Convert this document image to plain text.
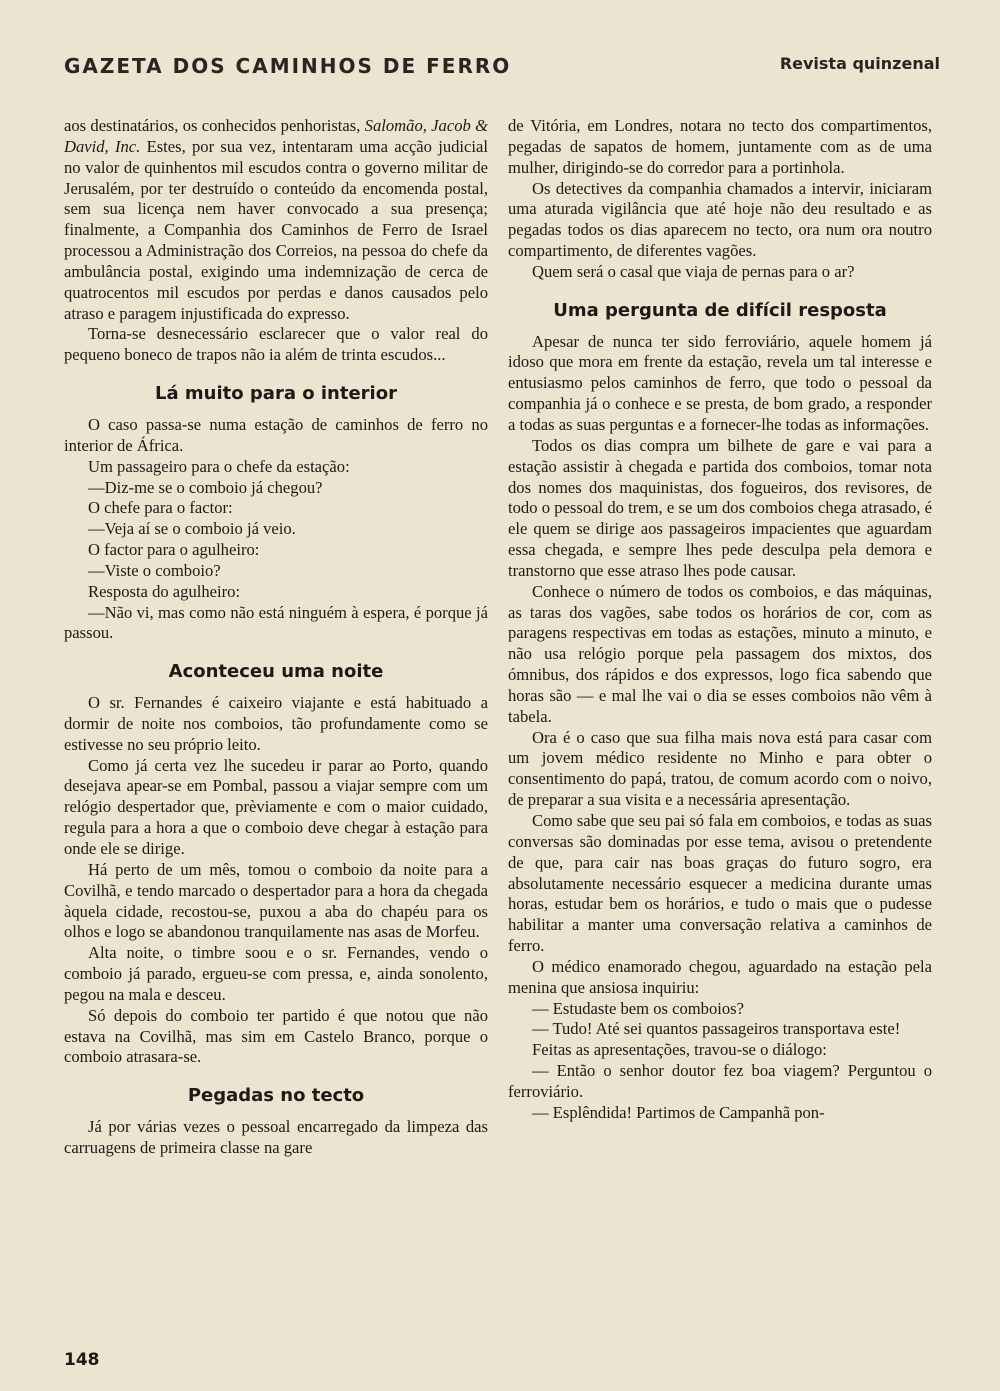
GAZETA DOS CAMINHOS DE FERRO	Revista quinzenal

aos destinatários, os conhecidos penhoristas, Salomão, Jacob & David, Inc. Estes, por sua vez, intentaram uma acção judicial no valor de quinhentos mil escudos contra o governo militar de Jerusalém, por ter destruído o conteúdo da encomenda postal, sem sua licença nem haver convocado a sua presença; finalmente, a Companhia dos Caminhos de Ferro de Israel processou a Administração dos Correios, na pessoa do chefe da ambulância postal, exigindo uma indemnização de cerca de quatrocentos mil escudos por perdas e danos causados pelo atraso e paragem injustificada do expresso.

Torna-se desnecessário esclarecer que o valor real do pequeno boneco de trapos não ia além de trinta escudos...

Lá muito para o interior

O caso passa-se numa estação de caminhos de ferro no interior de África.

Um passageiro para o chefe da estação:

—Diz-me se o comboio já chegou?

O chefe para o factor:

—Veja aí se o comboio já veio.

O factor para o agulheiro:

—Viste o comboio?

Resposta do agulheiro:

—Não vi, mas como não está ninguém à espera, é porque já passou.

Aconteceu uma noite

O sr. Fernandes é caixeiro viajante e está habituado a dormir de noite nos comboios, tão profundamente como se estivesse no seu próprio leito.

Como já certa vez lhe sucedeu ir parar ao Porto, quando desejava apear-se em Pombal, passou a viajar sempre com um relógio despertador que, prèviamente e com o maior cuidado, regula para a hora a que o comboio deve chegar à estação para onde ele se dirige.

Há perto de um mês, tomou o comboio da noite para a Covilhã, e tendo marcado o despertador para a hora da chegada àquela cidade, recostou-se, puxou a aba do chapéu para os olhos e logo se abandonou tranquilamente nas asas de Morfeu.

Alta noite, o timbre soou e o sr. Fernandes, vendo o comboio já parado, ergueu-se com pressa, e, ainda sonolento, pegou na mala e desceu.

Só depois do comboio ter partido é que notou que não estava na Covilhã, mas sim em Castelo Branco, porque o comboio atrasara-se.

Pegadas no tecto

Já por várias vezes o pessoal encarregado da limpeza das carruagens de primeira classe na gare

de Vitória, em Londres, notara no tecto dos compartimentos, pegadas de sapatos de homem, juntamente com as de uma mulher, dirigindo-se do corredor para a portinhola.

Os detectives da companhia chamados a intervir, iniciaram uma aturada vigilância que até hoje não deu resultado e as pegadas todos os dias aparecem no tecto, ora num ora noutro compartimento, de diferentes vagões.

Quem será o casal que viaja de pernas para o ar?

Uma pergunta de difícil resposta

Apesar de nunca ter sido ferroviário, aquele homem já idoso que mora em frente da estação, revela um tal interesse e entusiasmo pelos caminhos de ferro, que todo o pessoal da companhia já o conhece e se presta, de bom grado, a responder a todas as suas perguntas e a fornecer-lhe todas as informações.

Todos os dias compra um bilhete de gare e vai para a estação assistir à chegada e partida dos comboios, tomar nota dos nomes dos maquinistas, dos fogueiros, dos revisores, de todo o pessoal do trem, e se um dos comboios chega atrasado, é ele quem se dirige aos passageiros impacientes que aguardam essa chegada, e sempre lhes pede desculpa pela demora e transtorno que esse atraso lhes pode causar.

Conhece o número de todos os comboios, e das máquinas, as taras dos vagões, sabe todos os horários de cor, com as paragens respectivas em todas as estações, minuto a minuto, e não usa relógio porque pela passagem dos mixtos, dos ómnibus, dos rápidos e dos expressos, logo fica sabendo que horas são — e mal lhe vai o dia se esses comboios não vêm à tabela.

Ora é o caso que sua filha mais nova está para casar com um jovem médico residente no Minho e para obter o consentimento do papá, tratou, de comum acordo com o noivo, de preparar a sua visita e a necessária apresentação.

Como sabe que seu pai só fala em comboios, e todas as suas conversas são dominadas por esse tema, avisou o pretendente de que, para cair nas boas graças do futuro sogro, era absolutamente necessário esquecer a medicina durante umas horas, estudar bem os horários, e tudo o mais que o pudesse habilitar a manter uma conversação relativa a caminhos de ferro.

O médico enamorado chegou, aguardado na estação pela menina que ansiosa inquiriu:

— Estudaste bem os comboios?

— Tudo! Até sei quantos passageiros transportava este!

Feitas as apresentações, travou-se o diálogo:

— Então o senhor doutor fez boa viagem? Perguntou o ferroviário.

— Esplêndida! Partimos de Campanhã pon-

148
